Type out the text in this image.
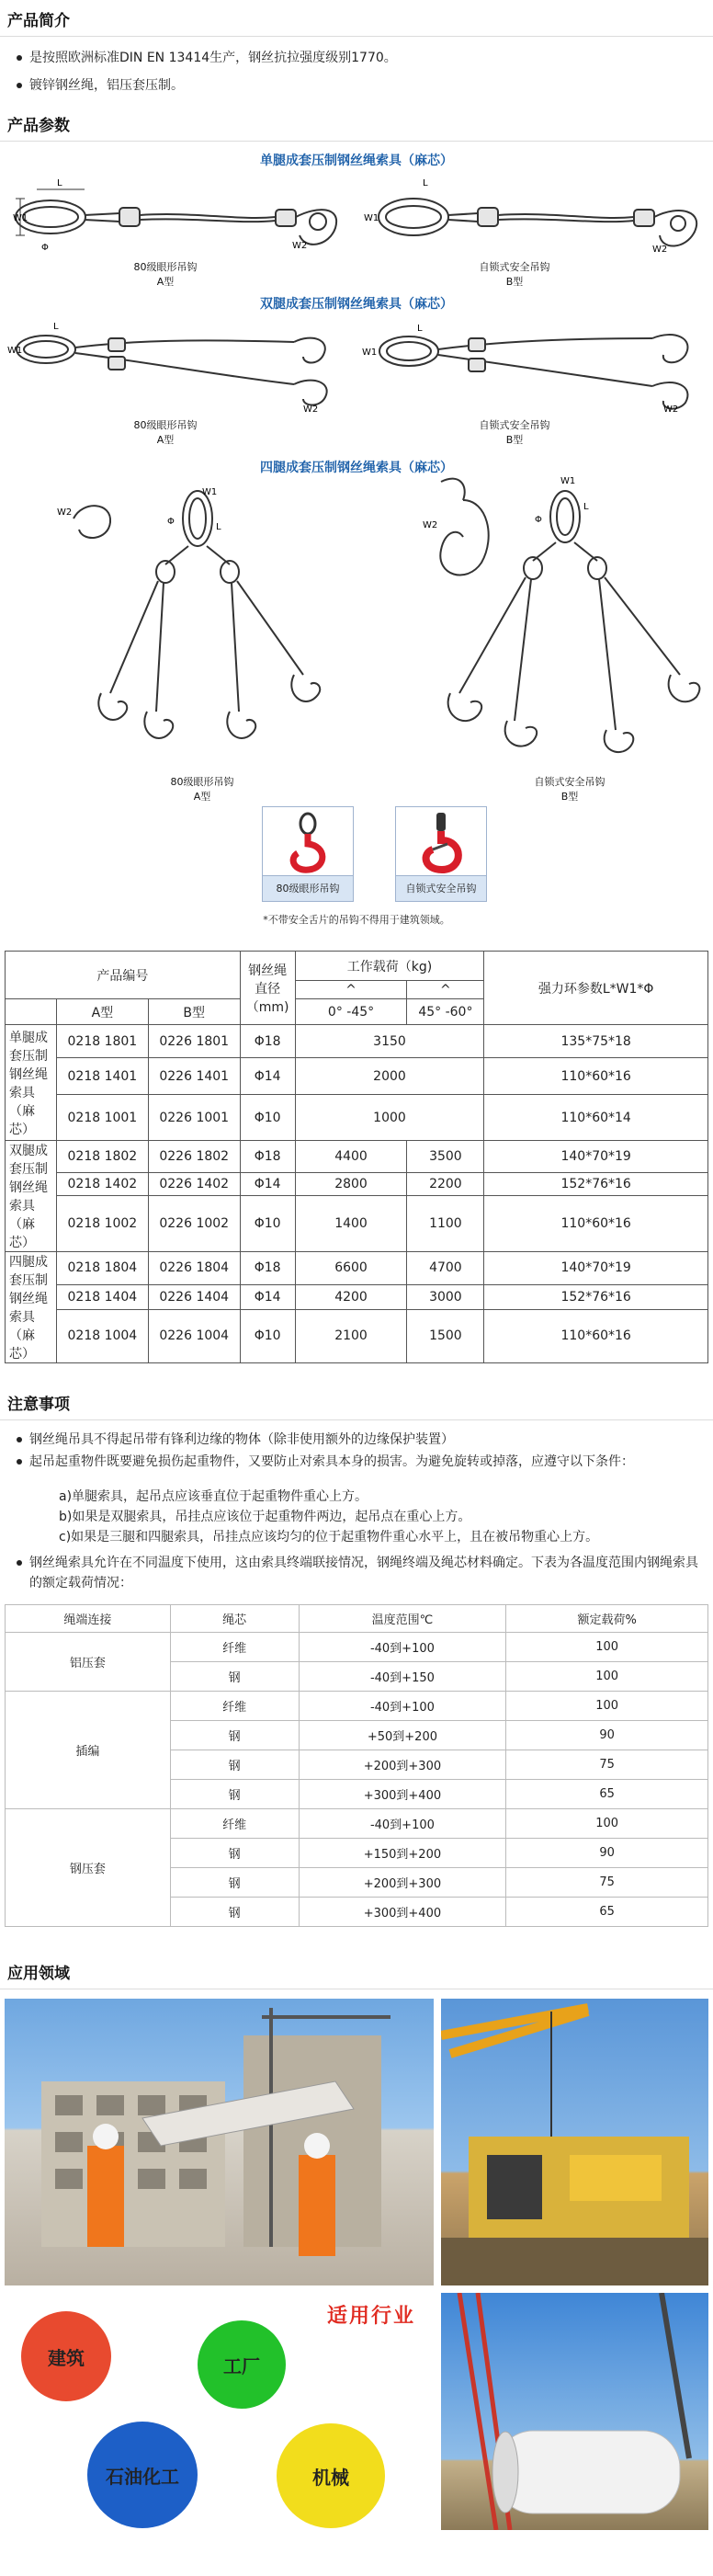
产品简介
是按照欧洲标准DIN EN 13414生产，钢丝抗拉强度级别1770。
镀锌钢丝绳，铝压套压制。
产品参数
单腿成套压制钢丝绳索具（麻芯）
W1
L
Φ	W2
80级眼形吊钩
A型
W1
L
W2
自锁式安全吊钩
B型
双腿成套压制钢丝绳索具（麻芯）
W1
L
W2
80级眼形吊钩
A型
W1
L
W2
自锁式安全吊钩
B型
四腿成套压制钢丝绳索具（麻芯）
W1
W2
Φ
L
80级眼形吊钩
A型
W1
W2
Φ
L
自锁式安全吊钩
B型
80级眼形吊钩	自锁式安全吊钩
*不带安全舌片的吊钩不得用于建筑领域。
产品编号			钢丝绳直径（mm)	工作载荷（kg)		强力环参数L*W1*Φ
				^	^	
	A型	B型		0° -45°	45° -60°	
单腿成套压制钢丝绳索具（麻芯）	0218 1801	0226 1801	Φ18	3150		135*75*18
	0218 1401	0226 1401	Φ14	2000		110*60*16
	0218 1001	0226 1001	Φ10	1000		110*60*14
双腿成套压制钢丝绳索具（麻芯）	0218 1802	0226 1802	Φ18	4400	3500	140*70*19
	0218 1402	0226 1402	Φ14	2800	2200	152*76*16
	0218 1002	0226 1002	Φ10	1400	1100	110*60*16
四腿成套压制钢丝绳索具（麻芯）	0218 1804	0226 1804	Φ18	6600	4700	140*70*19
	0218 1404	0226 1404	Φ14	4200	3000	152*76*16
	0218 1004	0226 1004	Φ10	2100	1500	110*60*16
注意事项
钢丝绳吊具不得起吊带有锋利边缘的物体（除非使用额外的边缘保护装置）
起吊起重物件既要避免损伤起重物件，又要防止对索具本身的损害。为避免旋转或掉落，应遵守以下条件：
a)单腿索具，起吊点应该垂直位于起重物件重心上方。
b)如果是双腿索具，吊挂点应该位于起重物件两边，起吊点在重心上方。
c)如果是三腿和四腿索具，吊挂点应该均匀的位于起重物件重心水平上，且在被吊物重心上方。
钢丝绳索具允许在不同温度下使用，这由索具终端联接情况，钢绳终端及绳芯材料确定。下表为各温度范围内钢绳索具的额定载荷情况：
绳端连接	绳芯	温度范围℃	额定载荷%
铝压套	纤维	-40到+100	100
	钢	-40到+150	100
插编	纤维	-40到+100	100
	钢	+50到+200	90
	钢	+200到+300	75
	钢	+300到+400	65
钢压套	纤维	-40到+100	100
	钢	+150到+200	90
	钢	+200到+300	75
	钢	+300到+400	65
应用领域
适用行业
建筑	工厂
石油化工	机械
